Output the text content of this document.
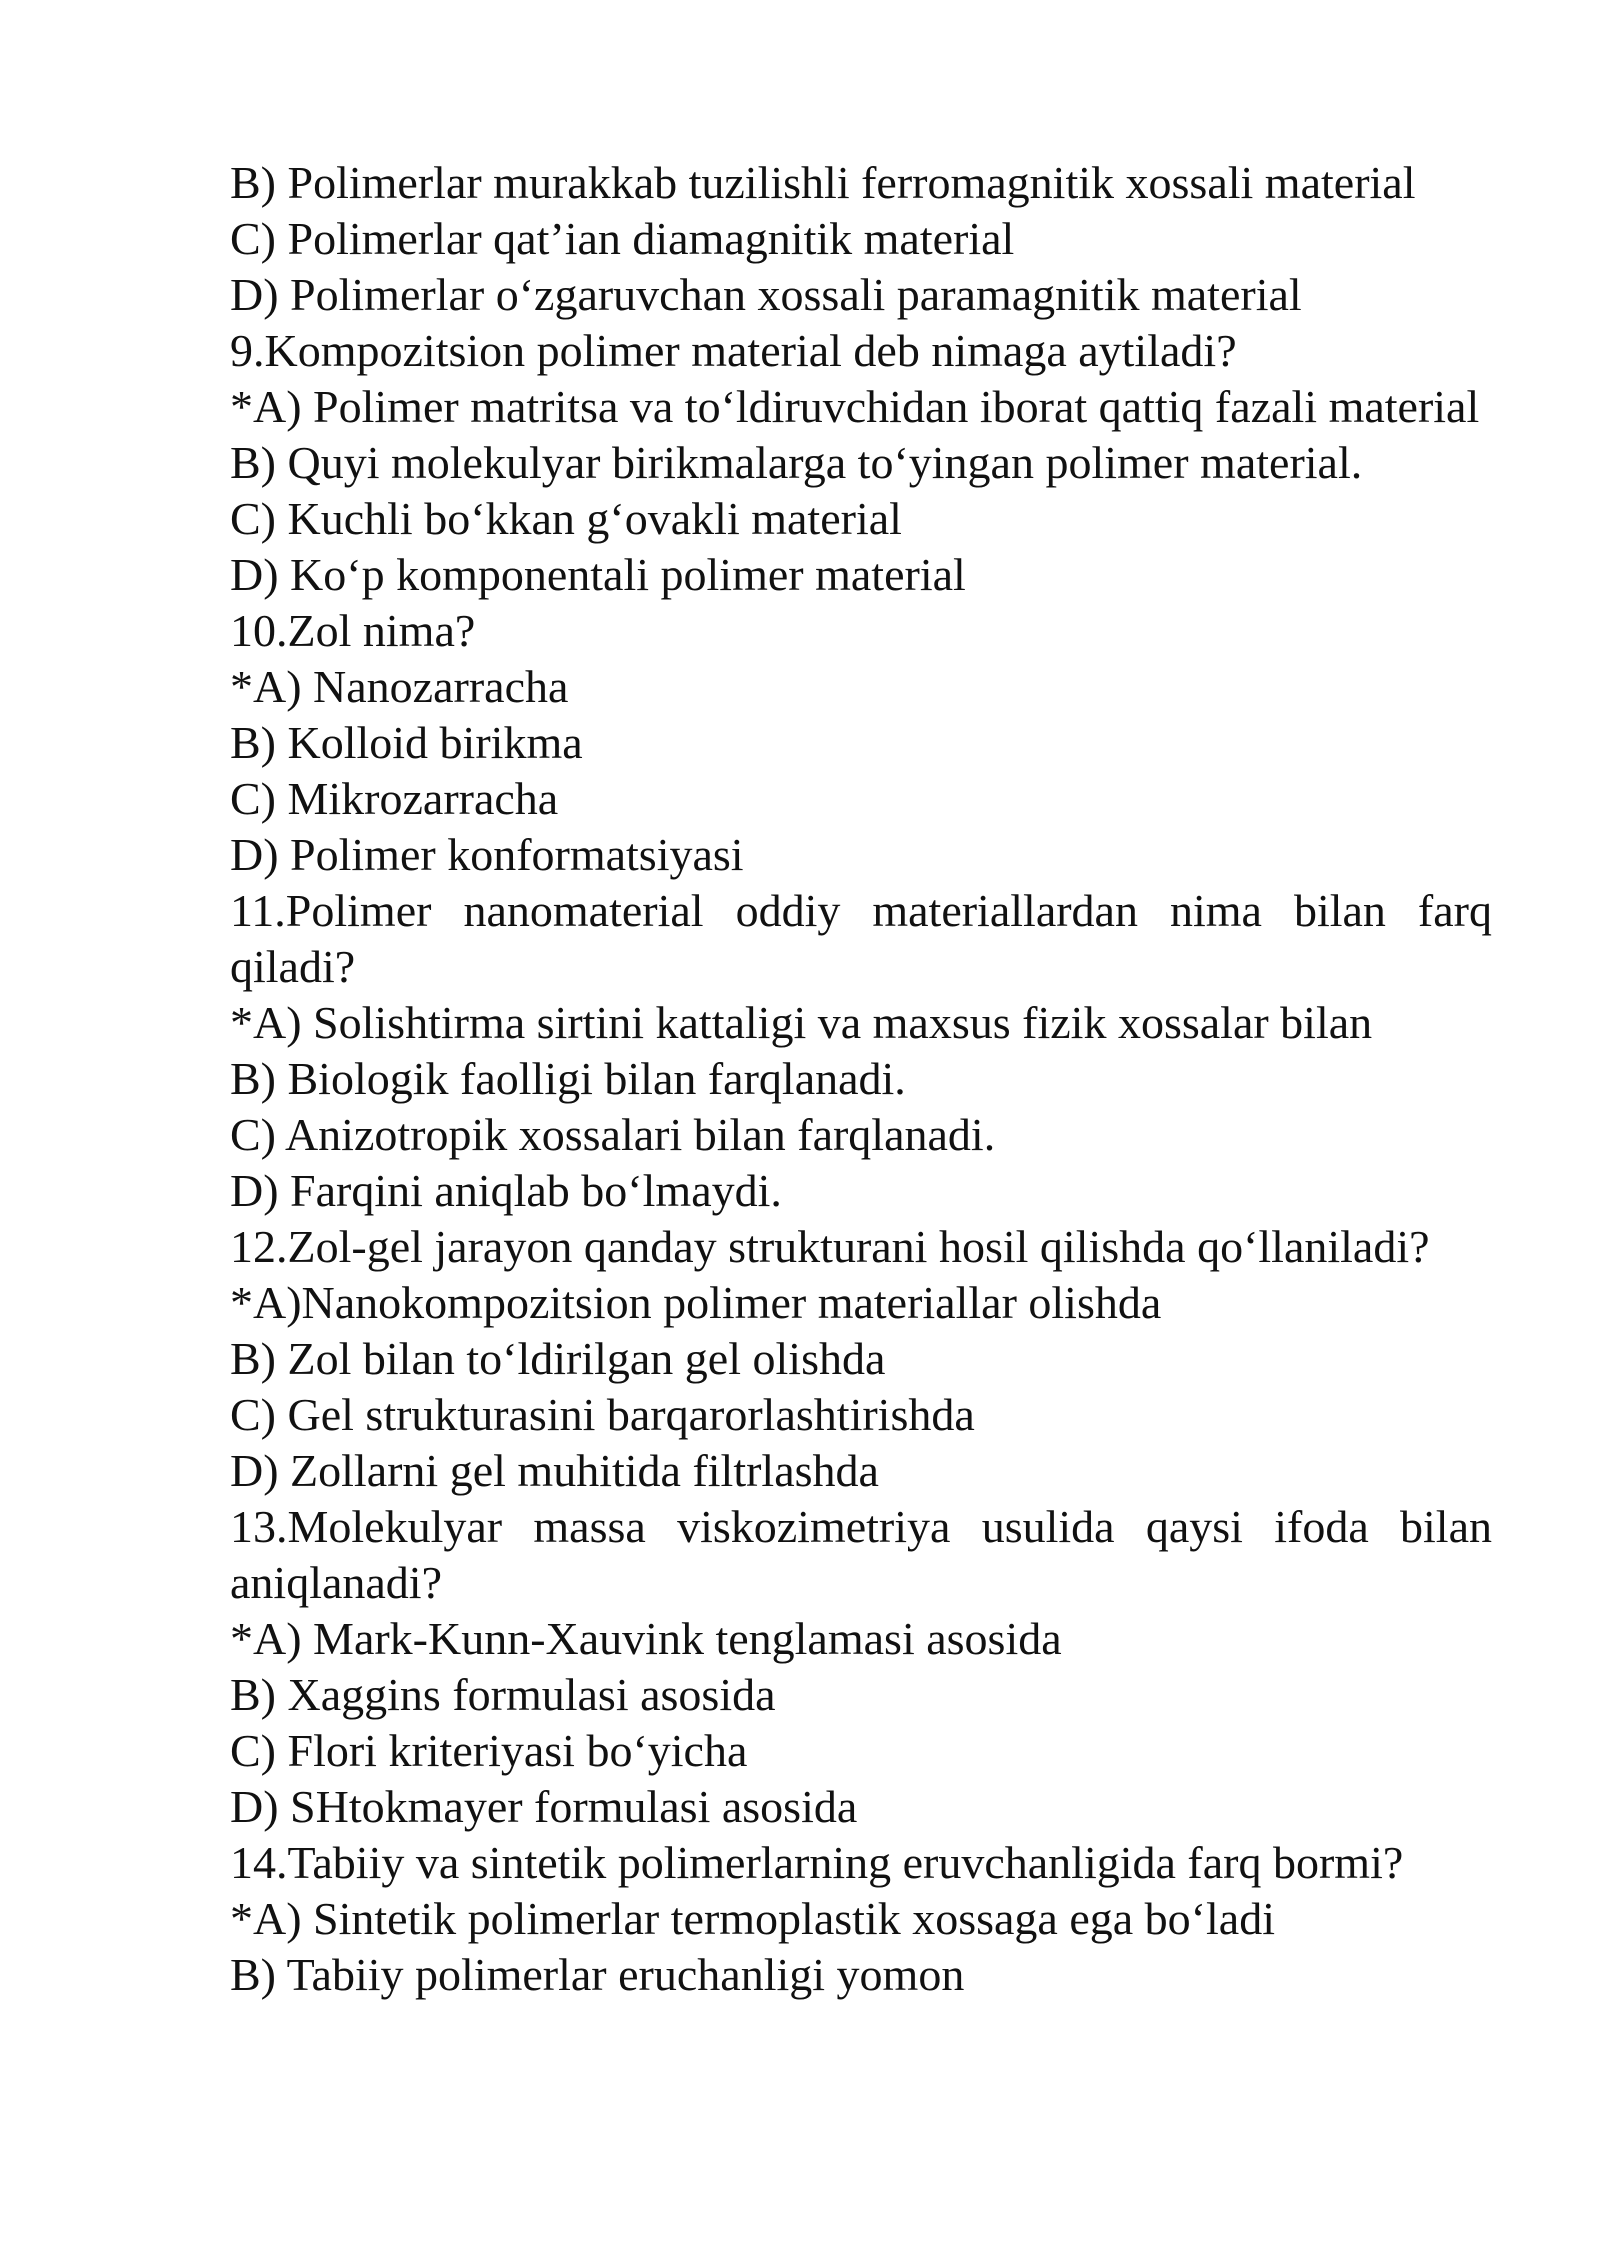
B) Polimerlar murakkab tuzilishli ferromagnitik xossali material
C) Polimerlar qat’ian diamagnitik material
D) Polimerlar o‘zgaruvchan xossali paramagnitik material
9.Kompozitsion polimer material deb nimaga aytiladi?
*A) Polimer matritsa va to‘ldiruvchidan iborat qattiq fazali material
B) Quyi molekulyar birikmalarga to‘yingan polimer material.
C) Kuchli bo‘kkan g‘ovakli material
D) Ko‘p komponentali polimer material
10.Zol nima?
*A) Nanozarracha
B) Kolloid birikma
C) Mikrozarracha
D) Polimer konformatsiyasi
11.Polimer nanomaterial oddiy materiallardan nima bilan farq qiladi?
*A) Solishtirma sirtini kattaligi va maxsus fizik xossalar bilan
B) Biologik faolligi bilan farqlanadi.
C) Anizotropik xossalari bilan farqlanadi.
D) Farqini aniqlab bo‘lmaydi.
12.Zol-gel jarayon qanday strukturani hosil qilishda qo‘llaniladi?
*A)Nanokompozitsion polimer materiallar olishda
B) Zol bilan to‘ldirilgan gel olishda
C) Gel strukturasini barqarorlashtirishda
D) Zollarni gel muhitida filtrlashda
13.Molekulyar massa viskozimetriya usulida qaysi ifoda bilan aniqlanadi?
*A) Mark-Kunn-Xauvink tenglamasi asosida
B) Xaggins formulasi asosida
C) Flori kriteriyasi bo‘yicha
D) SHtokmayer formulasi asosida
14.Tabiiy va sintetik polimerlarning eruvchanligida farq bormi?
*A) Sintetik polimerlar termoplastik xossaga ega bo‘ladi
B) Tabiiy polimerlar eruchanligi yomon
